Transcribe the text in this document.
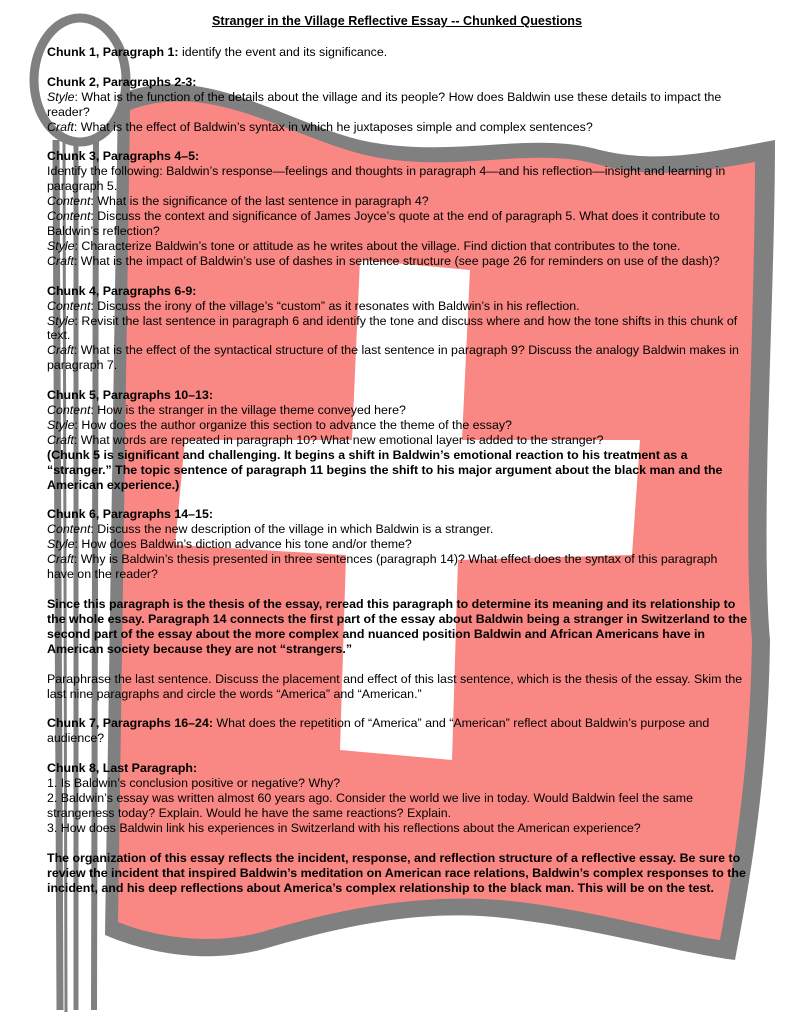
Stranger in the Village Reflective Essay -- Chunked Questions

Chunk 1, Paragraph 1: identify the event and its significance.

Chunk 2, Paragraphs 2-3:

Style: What is the function of the details about the village and its people? How does Baldwin use these details to impact the reader?

Craft: What is the effect of Baldwin’s syntax in which he juxtaposes simple and complex sentences?

Chunk 3, Paragraphs 4–5:

Identify the following: Baldwin’s response—feelings and thoughts in paragraph 4—and his reflection—insight and learning in paragraph 5.

Content: What is the significance of the last sentence in paragraph 4?

Content: Discuss the context and significance of James Joyce’s quote at the end of paragraph 5. What does it contribute to Baldwin’s reflection?

Style: Characterize Baldwin’s tone or attitude as he writes about the village. Find diction that contributes to the tone.

Craft: What is the impact of Baldwin’s use of dashes in sentence structure (see page 26 for reminders on use of the dash)?

Chunk 4, Paragraphs 6-9:

Content: Discuss the irony of the village’s “custom” as it resonates with Baldwin’s in his reflection.

Style: Revisit the last sentence in paragraph 6 and identify the tone and discuss where and how the tone shifts in this chunk of text.

Craft: What is the effect of the syntactical structure of the last sentence in paragraph 9? Discuss the analogy Baldwin makes in paragraph 7.

Chunk 5, Paragraphs 10–13:

Content: How is the stranger in the village theme conveyed here?

Style: How does the author organize this section to advance the theme of the essay?

Craft: What words are repeated in paragraph 10? What new emotional layer is added to the stranger?

(Chunk 5 is significant and challenging. It begins a shift in Baldwin’s emotional reaction to his treatment as a “stranger.” The topic sentence of paragraph 11 begins the shift to his major argument about the black man and the American experience.)

Chunk 6, Paragraphs 14–15:

Content: Discuss the new description of the village in which Baldwin is a stranger.

Style: How does Baldwin’s diction advance his tone and/or theme?

Craft: Why is Baldwin’s thesis presented in three sentences (paragraph 14)? What effect does the syntax of this paragraph have on the reader?

Since this paragraph is the thesis of the essay, reread this paragraph to determine its meaning and its relationship to the whole essay. Paragraph 14 connects the first part of the essay about Baldwin being a stranger in Switzerland to the second part of the essay about the more complex and nuanced position Baldwin and African Americans have in American society because they are not “strangers.”

Paraphrase the last sentence. Discuss the placement and effect of this last sentence, which is the thesis of the essay. Skim the last nine paragraphs and circle the words “America” and “American.”

Chunk 7, Paragraphs 16–24: What does the repetition of “America” and “American” reflect about Baldwin’s purpose and audience?

Chunk 8, Last Paragraph:

1. Is Baldwin’s conclusion positive or negative? Why?

2. Baldwin’s essay was written almost 60 years ago. Consider the world we live in today. Would Baldwin feel the same strangeness today? Explain. Would he have the same reactions? Explain.

3. How does Baldwin link his experiences in Switzerland with his reflections about the American experience?

The organization of this essay reflects the incident, response, and reflection structure of a reflective essay. Be sure to review the incident that inspired Baldwin’s meditation on American race relations, Baldwin’s complex responses to the incident, and his deep reflections about America’s complex relationship to the black man. This will be on the test.
